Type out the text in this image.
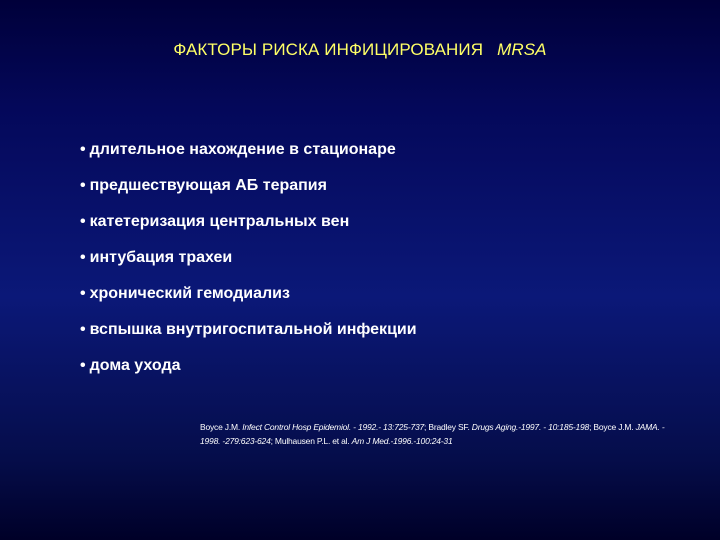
ФАКТОРЫ РИСКА ИНФИЦИРОВАНИЯ MRSA
• длительное нахождение в стационаре
• предшествующая АБ терапия
• катетеризация центральных вен
• интубация трахеи
• хронический гемодиализ
• вспышка внутригоспитальной инфекции
• дома ухода
Boyce J.M. Infect Control Hosp Epidemiol. - 1992.- 13:725-737; Bradley SF. Drugs Aging.-1997. - 10:185-198; Boyce J.M. JAMA. - 1998. -279:623-624; Mulhausen P.L. et al. Am J Med.-1996.-100:24-31
